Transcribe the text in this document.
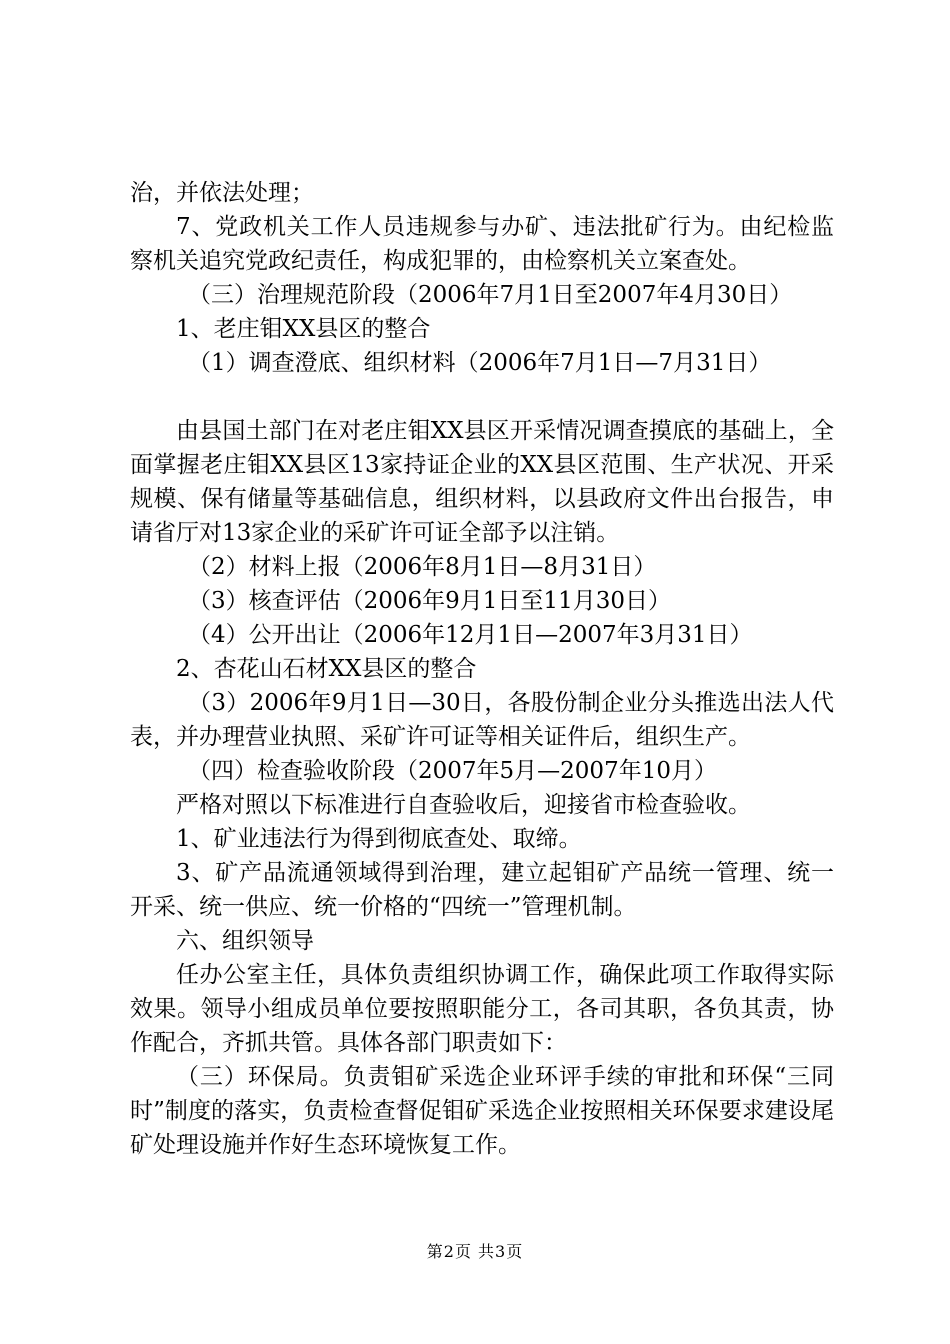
治，并依法处理；

7、党政机关工作人员违规参与办矿、违法批矿行为。由纪检监察机关追究党政纪责任，构成犯罪的，由检察机关立案查处。

（三）治理规范阶段（2006年7月1日至2007年4月30日）

1、老庄钼XX县区的整合

（1）调查澄底、组织材料（2006年7月1日—7月31日）

由县国土部门在对老庄钼XX县区开采情况调查摸底的基础上，全面掌握老庄钼XX县区13家持证企业的XX县区范围、生产状况、开采规模、保有储量等基础信息，组织材料，以县政府文件出台报告，申请省厅对13家企业的采矿许可证全部予以注销。

（2）材料上报（2006年8月1日—8月31日）

（3）核查评估（2006年9月1日至11月30日）

（4）公开出让（2006年12月1日—2007年3月31日）

2、杏花山石材XX县区的整合

（3）2006年9月1日—30日，各股份制企业分头推选出法人代表，并办理营业执照、采矿许可证等相关证件后，组织生产。

（四）检查验收阶段（2007年5月—2007年10月）

严格对照以下标准进行自查验收后，迎接省市检查验收。

1、矿业违法行为得到彻底查处、取缔。

3、矿产品流通领域得到治理，建立起钼矿产品统一管理、统一开采、统一供应、统一价格的“四统一”管理机制。

六、组织领导

任办公室主任，具体负责组织协调工作，确保此项工作取得实际效果。领导小组成员单位要按照职能分工，各司其职，各负其责，协作配合，齐抓共管。具体各部门职责如下：

（三）环保局。负责钼矿采选企业环评手续的审批和环保“三同时”制度的落实，负责检查督促钼矿采选企业按照相关环保要求建设尾矿处理设施并作好生态环境恢复工作。

第2页 共3页
